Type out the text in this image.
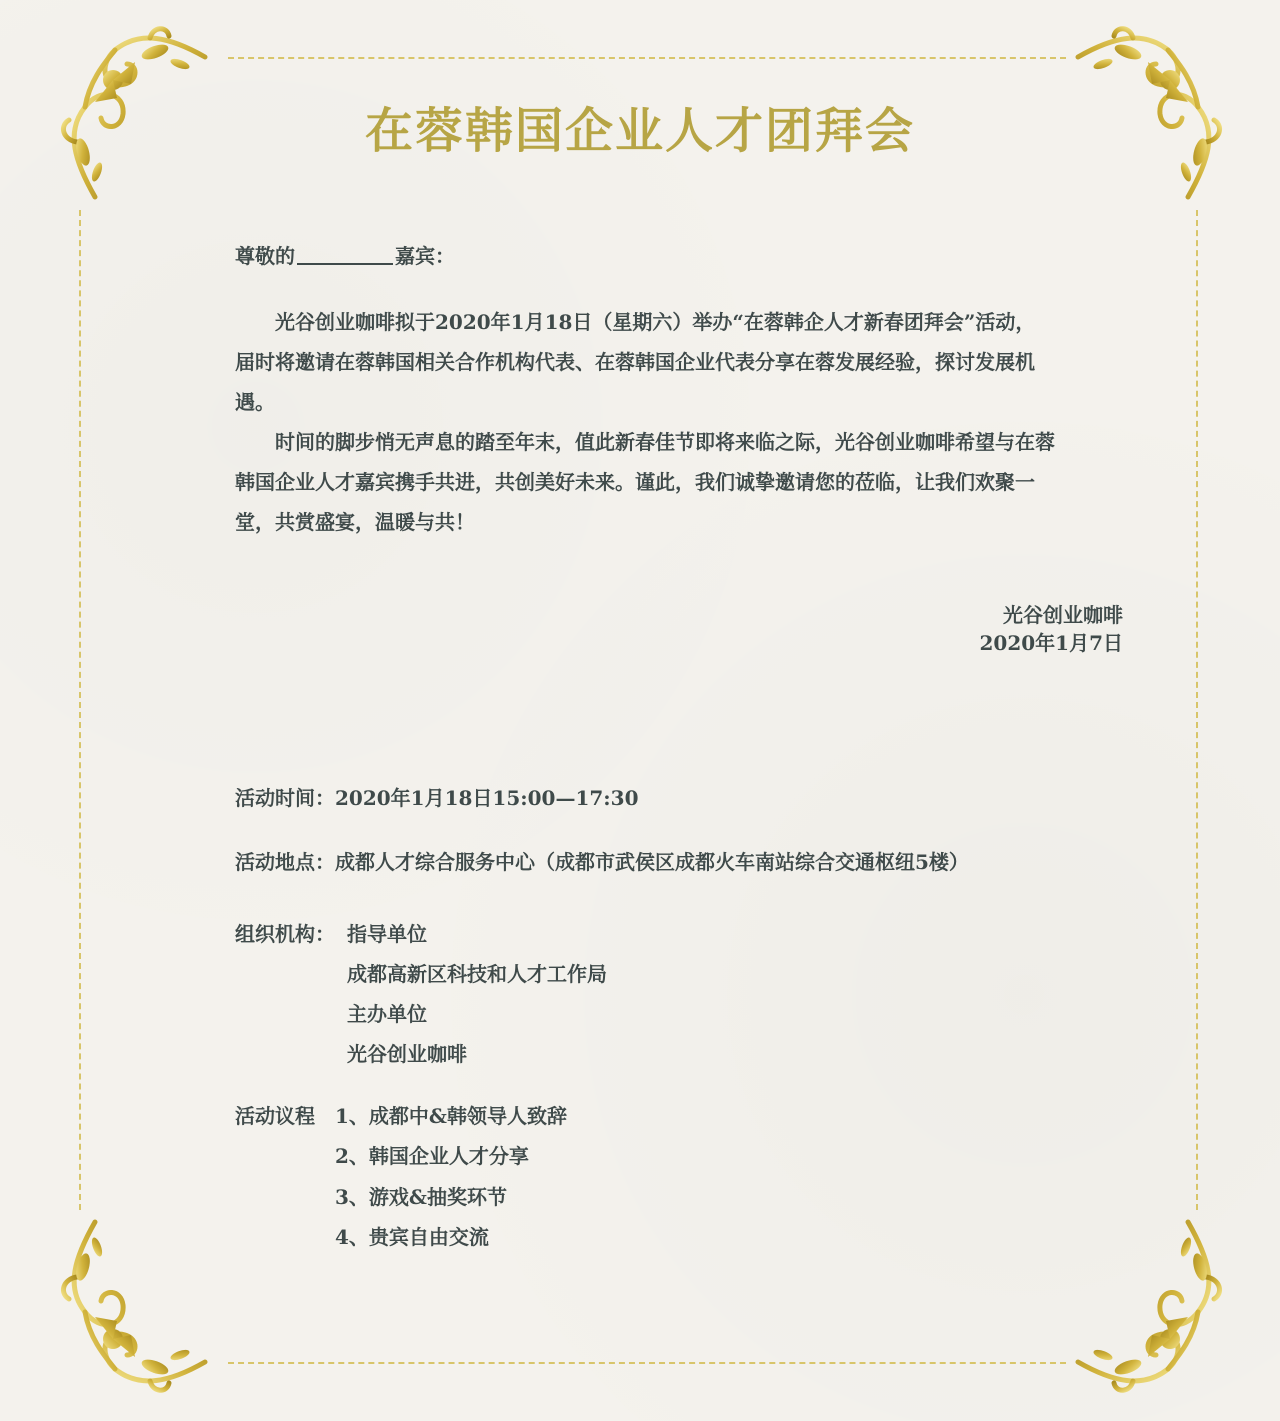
在蓉韩国企业人才团拜会
尊敬的	嘉宾：
光谷创业咖啡拟于2020年1月18日（星期六）举办“在蓉韩企人才新春团拜会”活动，届时将邀请在蓉韩国相关合作机构代表、在蓉韩国企业代表分享在蓉发展经验，探讨发展机遇。
时间的脚步悄无声息的踏至年末，值此新春佳节即将来临之际，光谷创业咖啡希望与在蓉韩国企业人才嘉宾携手共进，共创美好未来。谨此，我们诚挚邀请您的莅临，让我们欢聚一堂，共赏盛宴，温暖与共！
光谷创业咖啡
2020年1月7日
活动时间：2020年1月18日15:00—17:30
活动地点：成都人才综合服务中心（成都市武侯区成都火车南站综合交通枢纽5楼）
组织机构： 指导单位
成都高新区科技和人才工作局
主办单位
光谷创业咖啡
活动议程 1、成都中&韩领导人致辞
2、韩国企业人才分享
3、游戏&抽奖环节
4、贵宾自由交流
